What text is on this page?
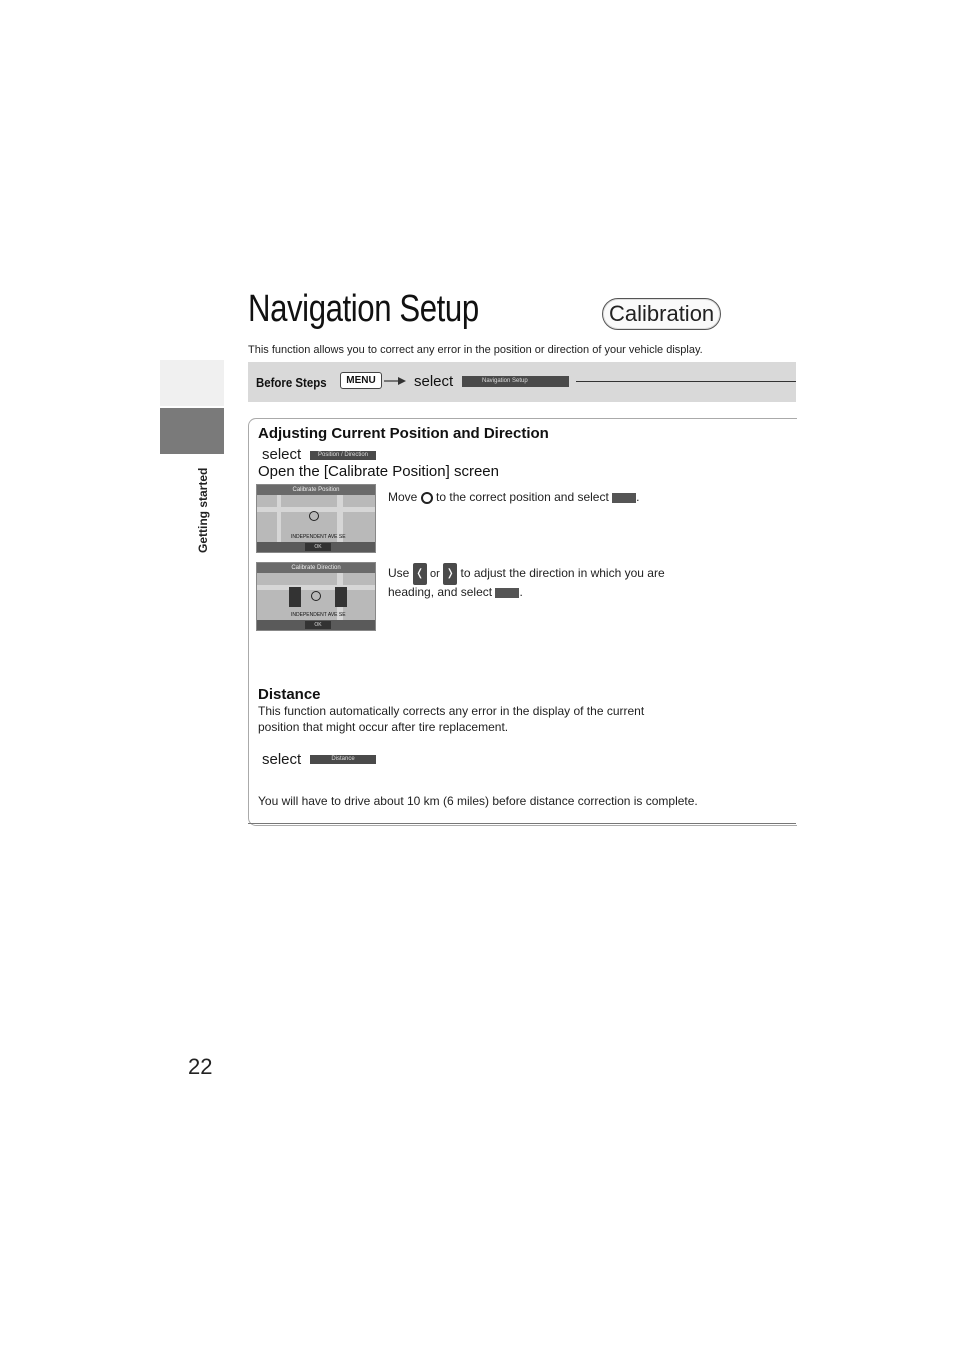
Getting started
22
Navigation Setup	Calibration
This function allows you to correct any error in the position or direction of your vehicle display.
Before Steps	MENU	select	Navigation Setup
Adjusting Current Position and Direction
select	Position / Direction
Open the [Calibrate Position] screen
Calibrate Position
INDEPENDENT AVE SE
OK
Move to the correct position and select .
Calibrate Direction
INDEPENDENT AVE SE
OK
Use ❬ or ❭ to adjust the direction in which you are
heading, and select .
Distance
This function automatically corrects any error in the display of the current
position that might occur after tire replacement.
select	Distance
You will have to drive about 10 km (6 miles) before distance correction is complete.
